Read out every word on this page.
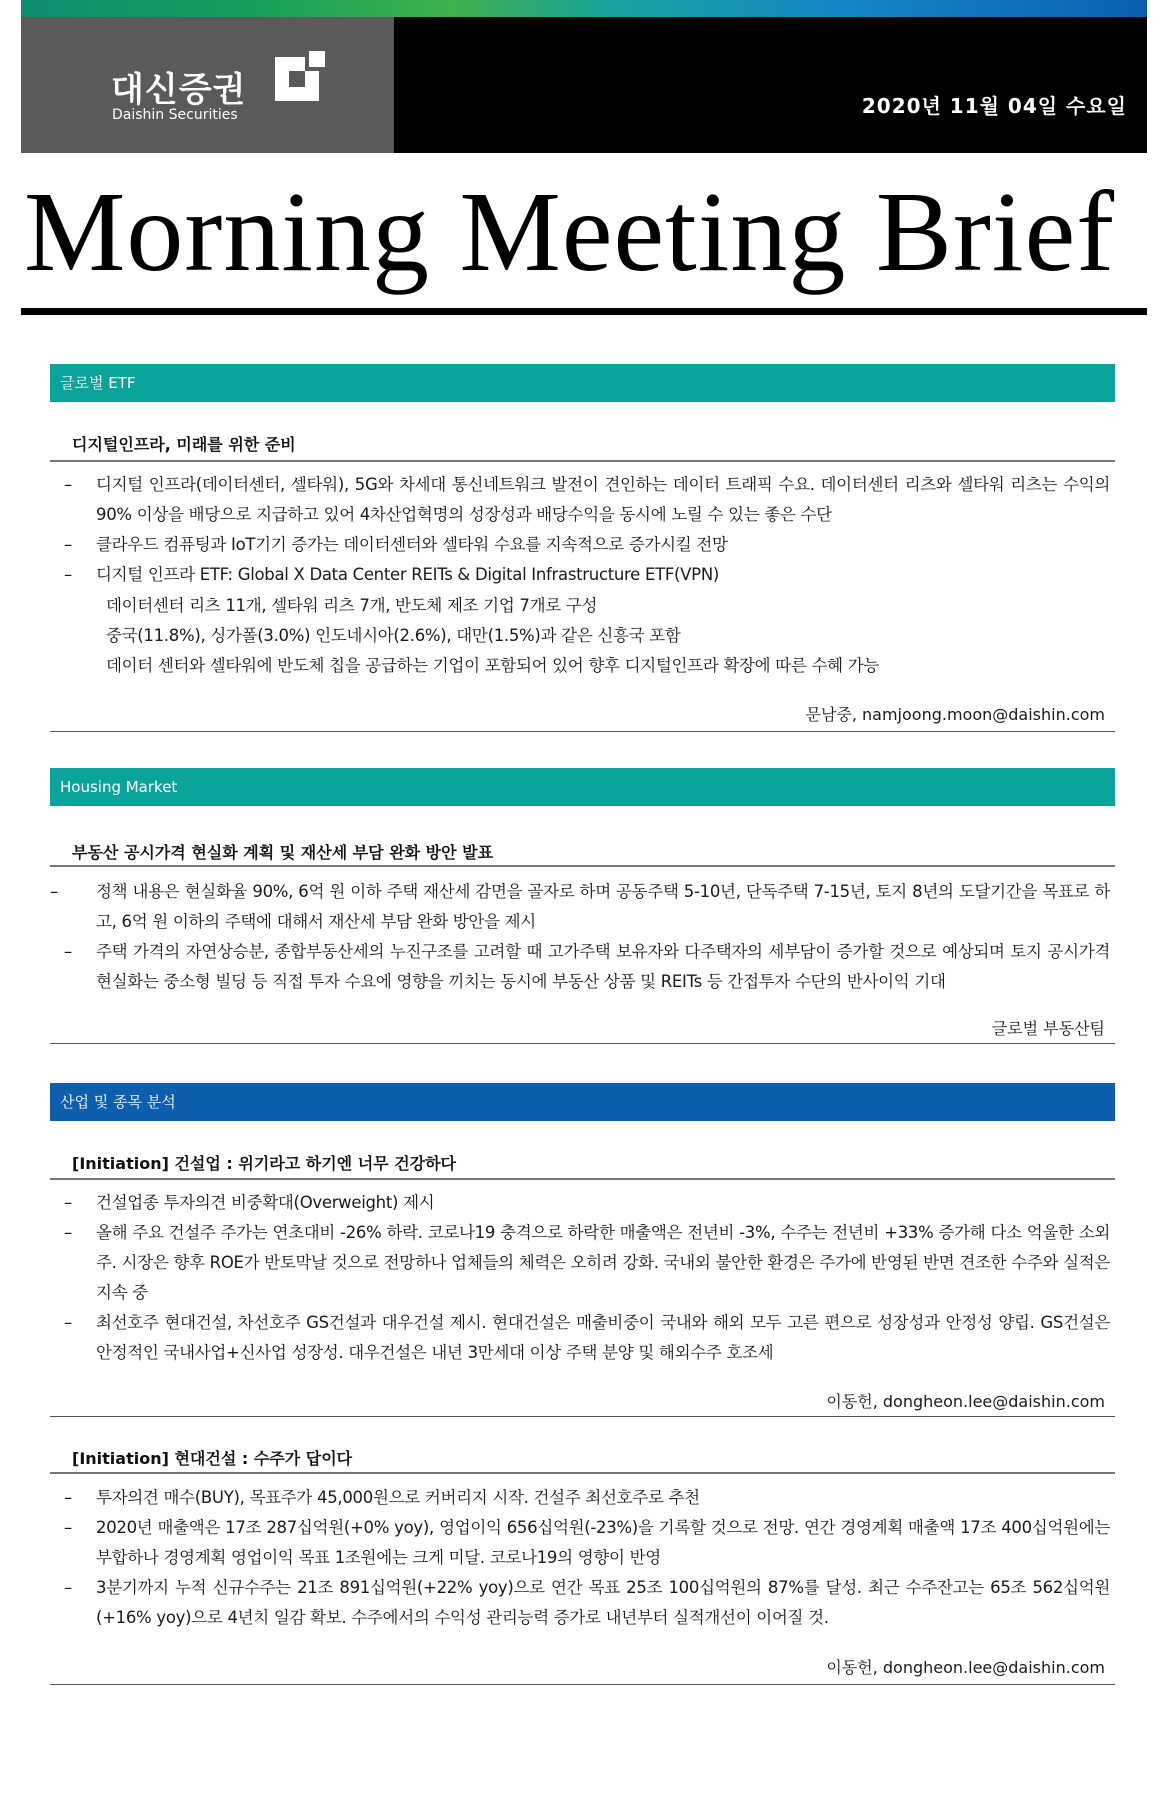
대신증권
Daishin Securities	2020년 11월 04일 수요일
Morning Meeting Brief
글로벌 ETF
디지털인프라, 미래를 위한 준비
– 디지털 인프라(데이터센터, 셀타워), 5G와 차세대 통신네트워크 발전이 견인하는 데이터 트래픽 수요. 데이터센터 리츠와 셀타워 리츠는 수익의 90% 이상을 배당으로 지급하고 있어 4차산업혁명의 성장성과 배당수익을 동시에 노릴 수 있는 좋은 수단
– 클라우드 컴퓨팅과 IoT기기 증가는 데이터센터와 셀타워 수요를 지속적으로 증가시킬 전망
– 디지털 인프라 ETF: Global X Data Center REITs & Digital Infrastructure ETF(VPN)
데이터센터 리츠 11개, 셀타워 리츠 7개, 반도체 제조 기업 7개로 구성
중국(11.8%), 싱가폴(3.0%) 인도네시아(2.6%), 대만(1.5%)과 같은 신흥국 포함
데이터 센터와 셀타워에 반도체 칩을 공급하는 기업이 포함되어 있어 향후 디지털인프라 확장에 따른 수혜 가능
문남중, namjoong.moon@daishin.com
Housing Market
부동산 공시가격 현실화 계획 및 재산세 부담 완화 방안 발표
– 정책 내용은 현실화율 90%, 6억 원 이하 주택 재산세 감면을 골자로 하며 공동주택 5-10년, 단독주택 7-15년, 토지 8년의 도달기간을 목표로 하고, 6억 원 이하의 주택에 대해서 재산세 부담 완화 방안을 제시
– 주택 가격의 자연상승분, 종합부동산세의 누진구조를 고려할 때 고가주택 보유자와 다주택자의 세부담이 증가할 것으로 예상되며 토지 공시가격 현실화는 중소형 빌딩 등 직접 투자 수요에 영향을 끼치는 동시에 부동산 상품 및 REITs 등 간접투자 수단의 반사이익 기대
글로벌 부동산팀
산업 및 종목 분석
[Initiation] 건설업 : 위기라고 하기엔 너무 건강하다
– 건설업종 투자의견 비중확대(Overweight) 제시
– 올해 주요 건설주 주가는 연초대비 -26% 하락. 코로나19 충격으로 하락한 매출액은 전년비 -3%, 수주는 전년비 +33% 증가해 다소 억울한 소외주. 시장은 향후 ROE가 반토막날 것으로 전망하나 업체들의 체력은 오히려 강화. 국내외 불안한 환경은 주가에 반영된 반면 견조한 수주와 실적은 지속 중
– 최선호주 현대건설, 차선호주 GS건설과 대우건설 제시. 현대건설은 매출비중이 국내와 해외 모두 고른 편으로 성장성과 안정성 양립. GS건설은 안정적인 국내사업+신사업 성장성. 대우건설은 내년 3만세대 이상 주택 분양 및 해외수주 호조세
이동헌, dongheon.lee@daishin.com
[Initiation] 현대건설 : 수주가 답이다
– 투자의견 매수(BUY), 목표주가 45,000원으로 커버리지 시작. 건설주 최선호주로 추천
– 2020년 매출액은 17조 287십억원(+0% yoy), 영업이익 656십억원(-23%)을 기록할 것으로 전망. 연간 경영계획 매출액 17조 400십억원에는 부합하나 경영계획 영업이익 목표 1조원에는 크게 미달. 코로나19의 영향이 반영
– 3분기까지 누적 신규수주는 21조 891십억원(+22% yoy)으로 연간 목표 25조 100십억원의 87%를 달성. 최근 수주잔고는 65조 562십억원(+16% yoy)으로 4년치 일감 확보. 수주에서의 수익성 관리능력 증가로 내년부터 실적개선이 이어질 것.
이동헌, dongheon.lee@daishin.com
